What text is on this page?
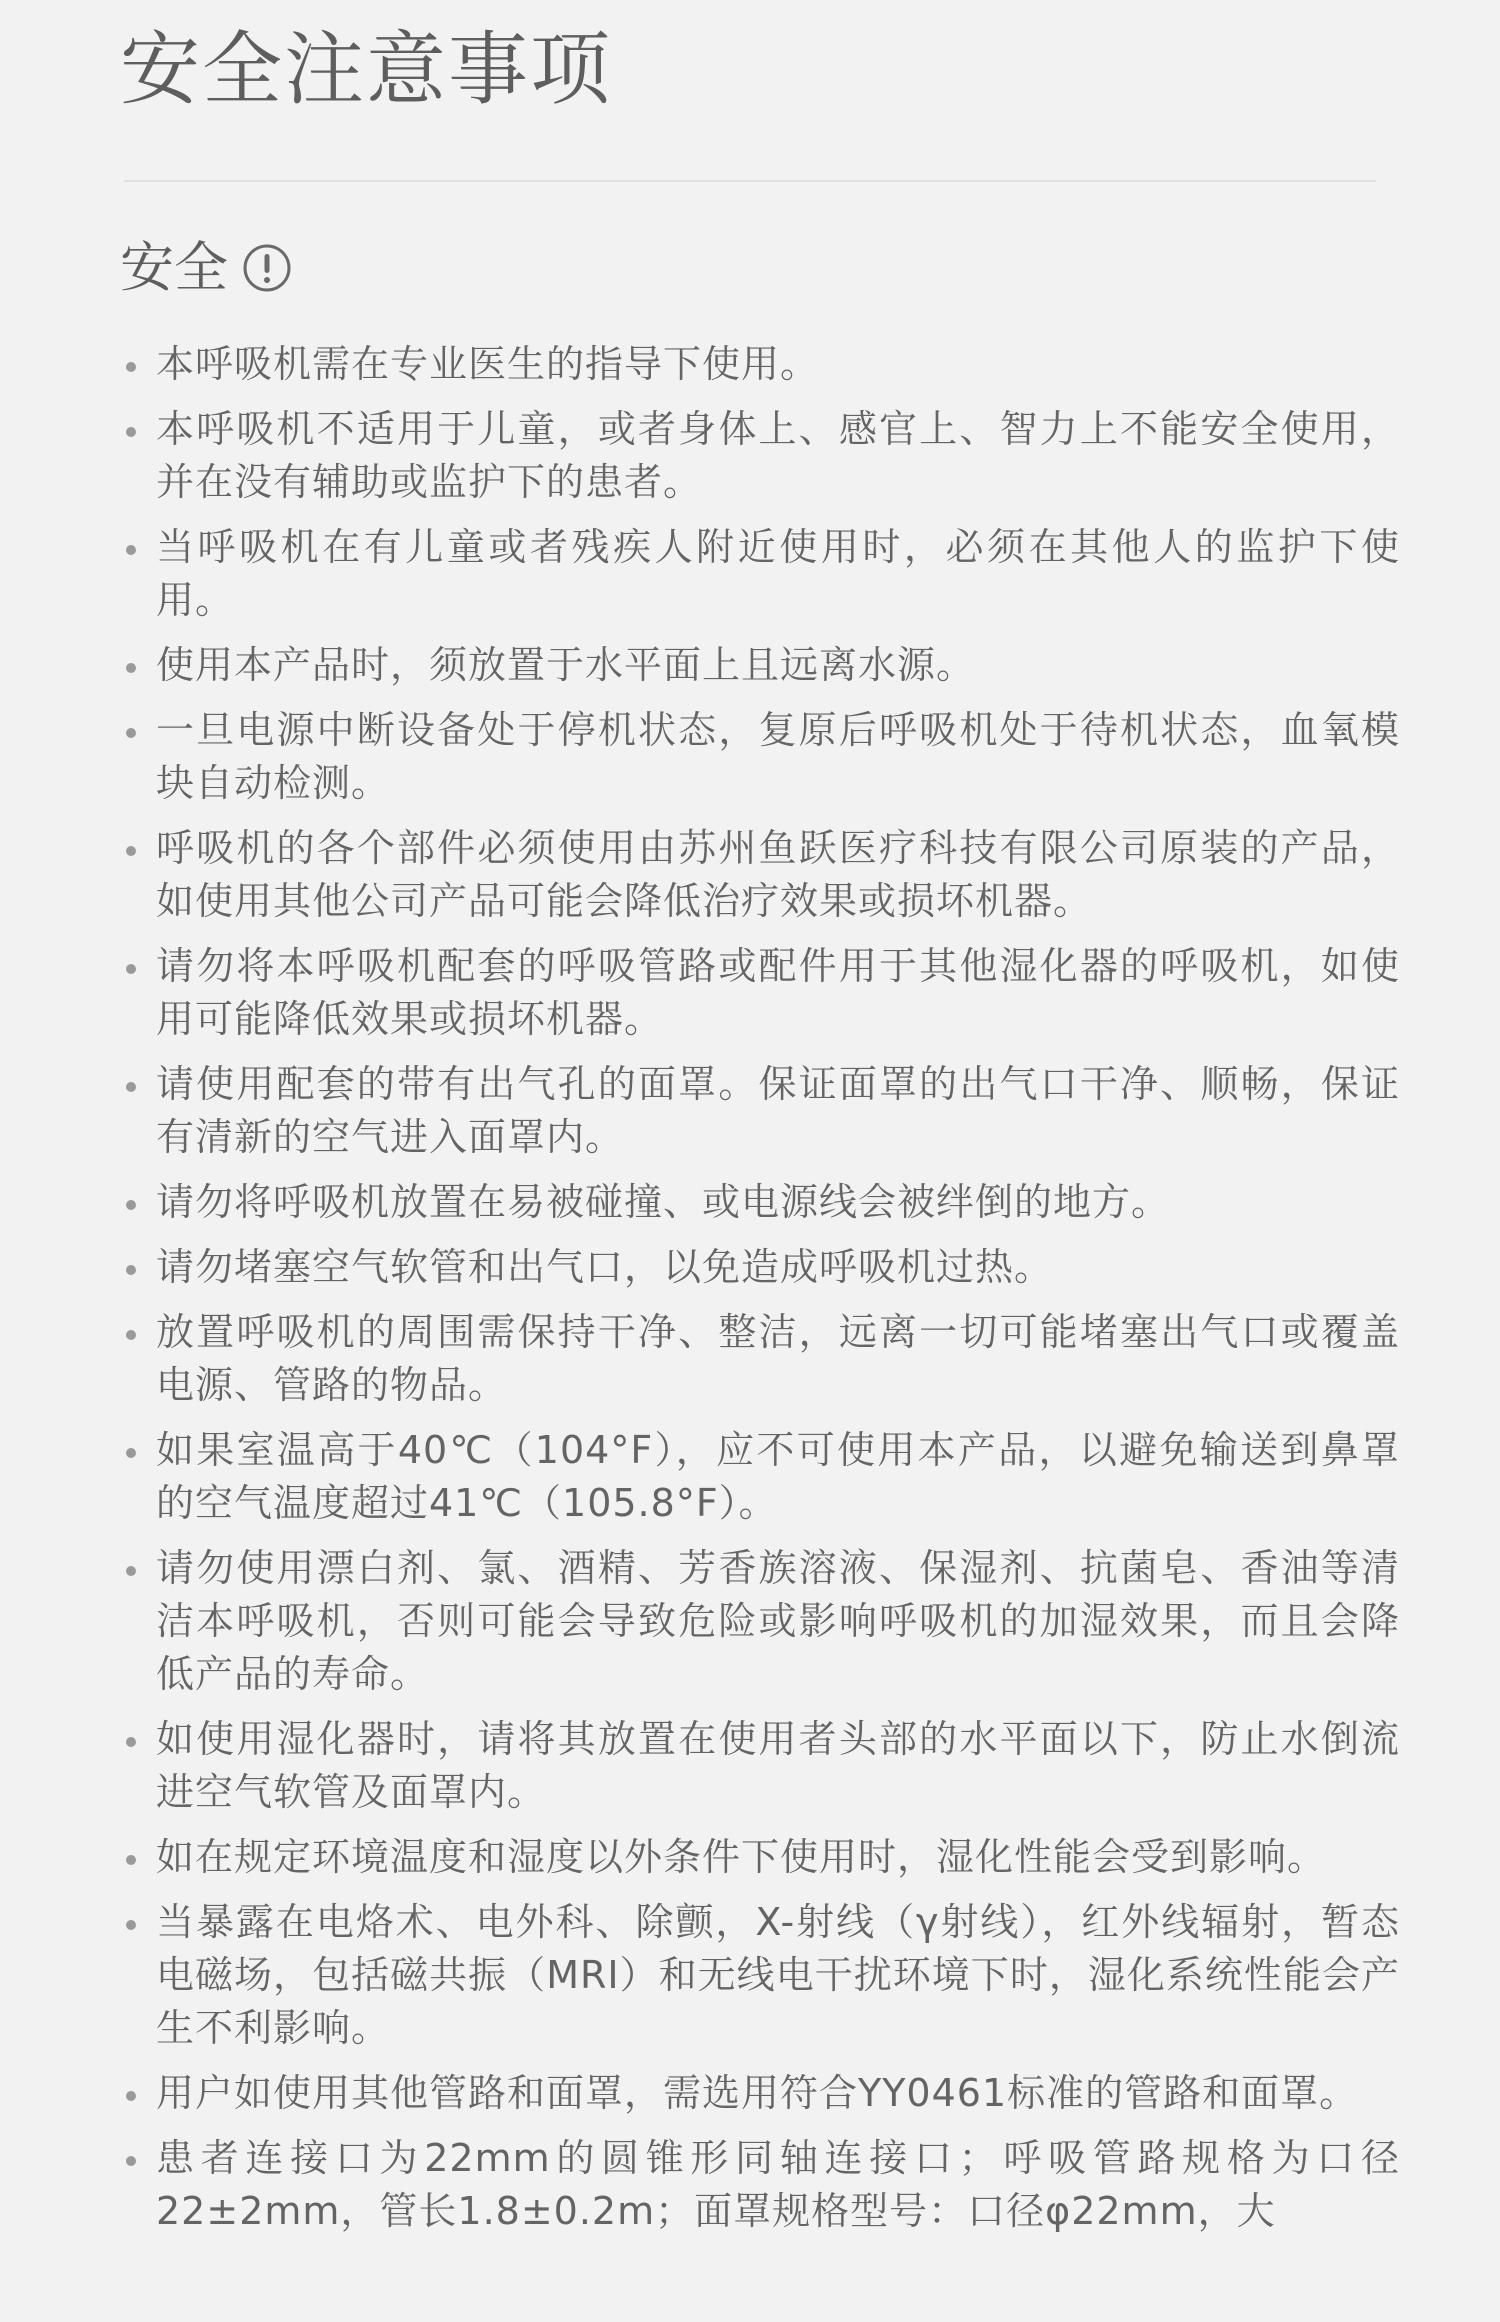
安全注意事项
安全
本呼吸机需在专业医生的指导下使用。
本呼吸机不适用于儿童，或者身体上、感官上、智力上不能安全使用，并在没有辅助或监护下的患者。
当呼吸机在有儿童或者残疾人附近使用时，必须在其他人的监护下使用。
使用本产品时，须放置于水平面上且远离水源。
一旦电源中断设备处于停机状态，复原后呼吸机处于待机状态，血氧模块自动检测。
呼吸机的各个部件必须使用由苏州鱼跃医疗科技有限公司原装的产品，如使用其他公司产品可能会降低治疗效果或损坏机器。
请勿将本呼吸机配套的呼吸管路或配件用于其他湿化器的呼吸机，如使用可能降低效果或损坏机器。
请使用配套的带有出气孔的面罩。保证面罩的出气口干净、顺畅，保证有清新的空气进入面罩内。
请勿将呼吸机放置在易被碰撞、或电源线会被绊倒的地方。
请勿堵塞空气软管和出气口，以免造成呼吸机过热。
放置呼吸机的周围需保持干净、整洁，远离一切可能堵塞出气口或覆盖电源、管路的物品。
如果室温高于40℃（104°F），应不可使用本产品，以避免输送到鼻罩的空气温度超过41℃（105.8°F）。
请勿使用漂白剂、氯、酒精、芳香族溶液、保湿剂、抗菌皂、香油等清洁本呼吸机，否则可能会导致危险或影响呼吸机的加湿效果，而且会降低产品的寿命。
如使用湿化器时，请将其放置在使用者头部的水平面以下，防止水倒流进空气软管及面罩内。
如在规定环境温度和湿度以外条件下使用时，湿化性能会受到影响。
当暴露在电烙术、电外科、除颤，X-射线（γ射线），红外线辐射，暂态电磁场，包括磁共振（MRI）和无线电干扰环境下时，湿化系统性能会产生不利影响。
用户如使用其他管路和面罩，需选用符合YY0461标准的管路和面罩。
患者连接口为22mm的圆锥形同轴连接口；呼吸管路规格为口径22±2mm，管长1.8±0.2m；面罩规格型号：口径φ22mm，大
